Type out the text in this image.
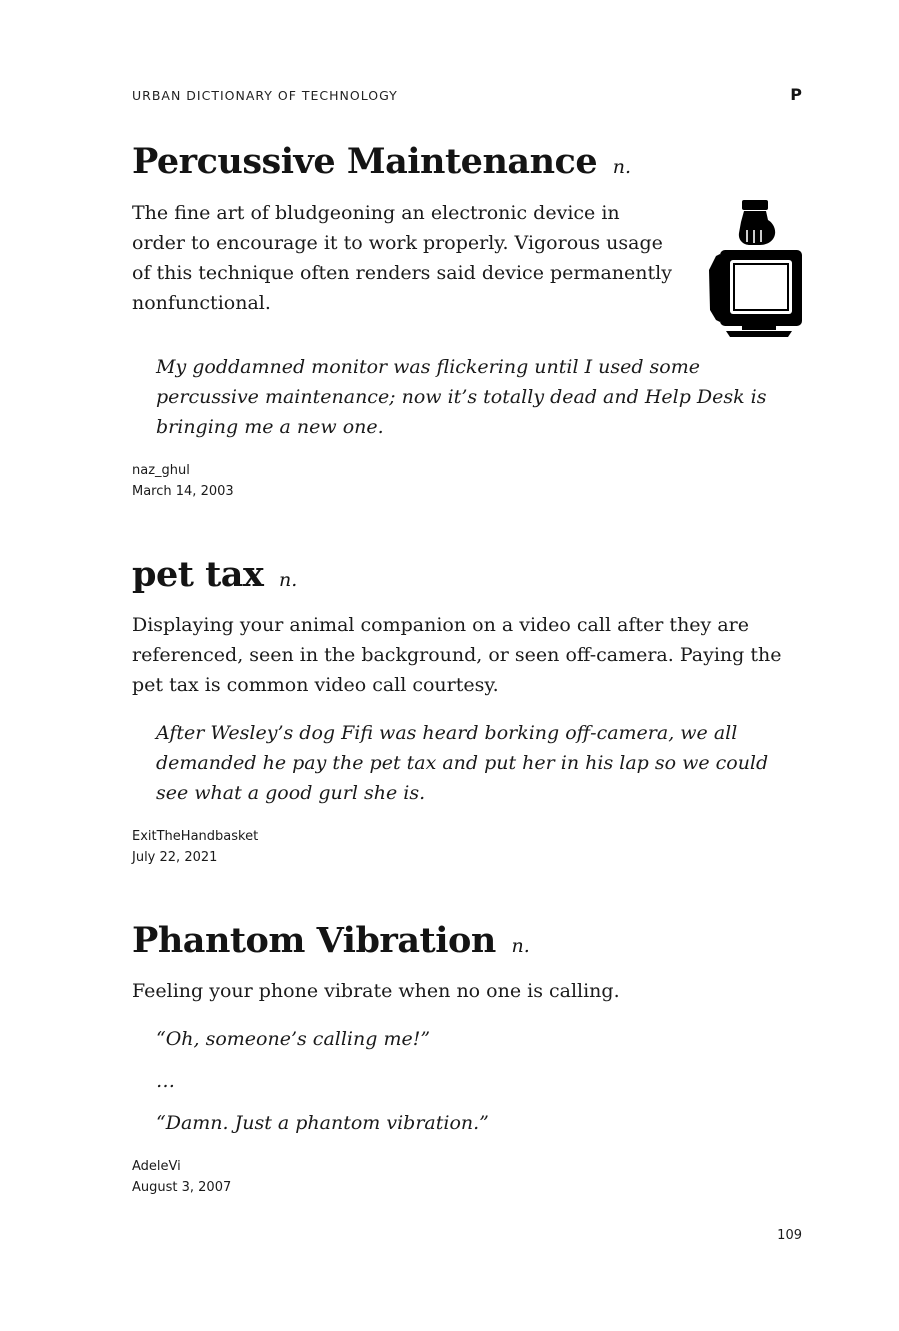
URBAN DICTIONARY OF TECHNOLOGY	P
Percussive Maintenance n.

The fine art of bludgeoning an electronic device in order to encourage it to work properly. Vigorous usage of this technique often renders said device permanently nonfunctional.

My goddamned monitor was flickering until I used some percussive maintenance; now it’s totally dead and Help Desk is bringing me a new one.

naz_ghul

March 14, 2003

pet tax n.

Displaying your animal companion on a video call after they are referenced, seen in the background, or seen off-camera. Paying the pet tax is common video call courtesy.

After Wesley’s dog Fifi was heard borking off-camera, we all demanded he pay the pet tax and put her in his lap so we could see what a good gurl she is.

ExitTheHandbasket

July 22, 2021

Phantom Vibration n.

Feeling your phone vibrate when no one is calling.

“Oh, someone’s calling me!”

…

“Damn. Just a phantom vibration.”

AdeleVi

August 3, 2007

109
